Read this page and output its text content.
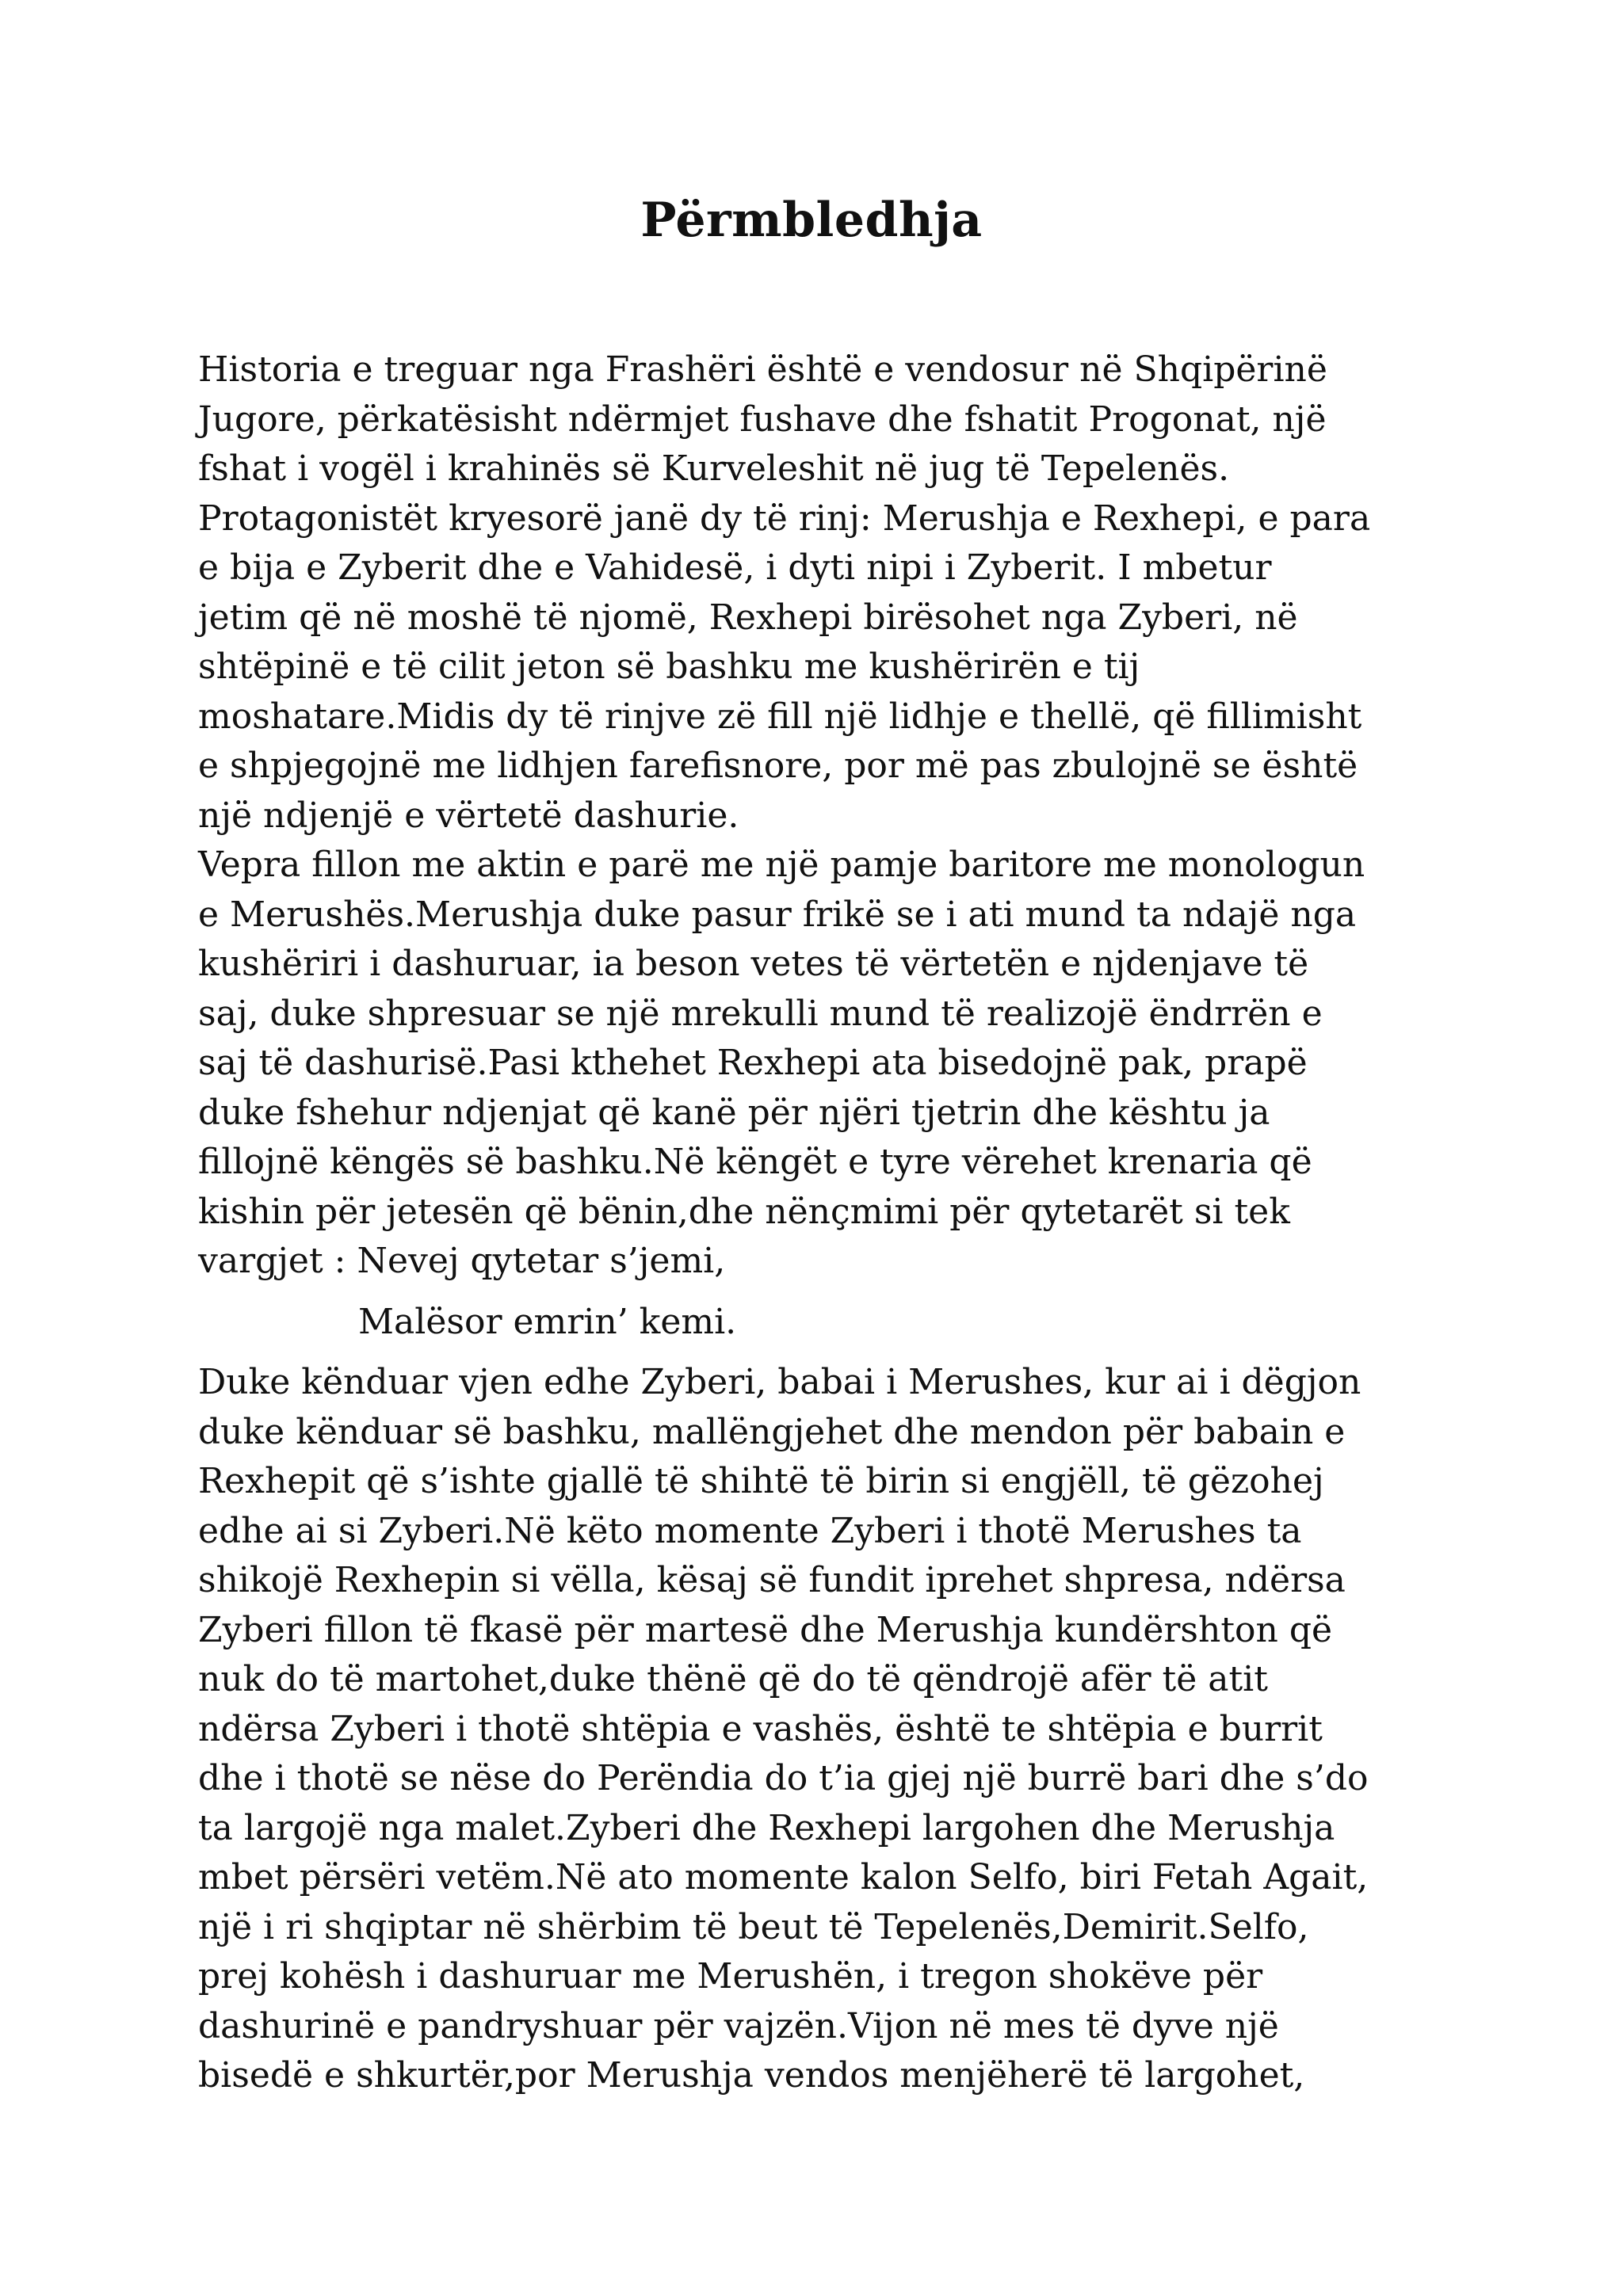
Përmbledhja
Historia e treguar nga Frashëri është e vendosur në Shqipërinë
Jugore, përkatësisht ndërmjet fushave dhe fshatit Progonat, një
fshat i vogël i krahinës së Kurveleshit në jug të Tepelenës.
Protagonistët kryesorë janë dy të rinj: Merushja e Rexhepi, e para
e bija e Zyberit dhe e Vahidesë, i dyti nipi i Zyberit. I mbetur
jetim që në moshë të njomë, Rexhepi birësohet nga Zyberi, në
shtëpinë e të cilit jeton së bashku me kushërirën e tij
moshatare.Midis dy të rinjve zë fill një lidhje e thellë, që fillimisht
e shpjegojnë me lidhjen farefisnore, por më pas zbulojnë se është
një ndjenjë e vërtetë dashurie.
Vepra fillon me aktin e parë me një pamje baritore me monologun
e Merushës.Merushja duke pasur frikë se i ati mund ta ndajë nga
kushëriri i dashuruar, ia beson vetes të vërtetën e njdenjave të
saj, duke shpresuar se një mrekulli mund të realizojë ëndrrën e
saj të dashurisë.Pasi kthehet Rexhepi ata bisedojnë pak, prapë
duke fshehur ndjenjat që kanë për njëri tjetrin dhe kështu ja
fillojnë këngës së bashku.Në këngët e tyre vërehet krenaria që
kishin për jetesën që bënin,dhe nënçmimi për qytetarët si tek
vargjet : Nevej qytetar s’jemi,
Malësor emrin’ kemi.
Duke kënduar vjen edhe Zyberi, babai i Merushes, kur ai i dëgjon
duke kënduar së bashku, mallëngjehet dhe mendon për babain e
Rexhepit që s’ishte gjallë të shihtë të birin si engjëll, të gëzohej
edhe ai si Zyberi.Në këto momente Zyberi i thotë Merushes ta
shikojë Rexhepin si vëlla, kësaj së fundit iprehet shpresa, ndërsa
Zyberi fillon të fkasë për martesë dhe Merushja kundërshton që
nuk do të martohet,duke thënë që do të qëndrojë afër të atit
ndërsa Zyberi i thotë shtëpia e vashës, është te shtëpia e burrit
dhe i thotë se nëse do Perëndia do t’ia gjej një burrë bari dhe s’do
ta largojë nga malet.Zyberi dhe Rexhepi largohen dhe Merushja
mbet përsëri vetëm.Në ato momente kalon Selfo, biri Fetah Agait,
një i ri shqiptar në shërbim të beut të Tepelenës,Demirit.Selfo,
prej kohësh i dashuruar me Merushën, i tregon shokëve për
dashurinë e pandryshuar për vajzën.Vijon në mes të dyve një
bisedë e shkurtër,por Merushja vendos menjëherë të largohet,
